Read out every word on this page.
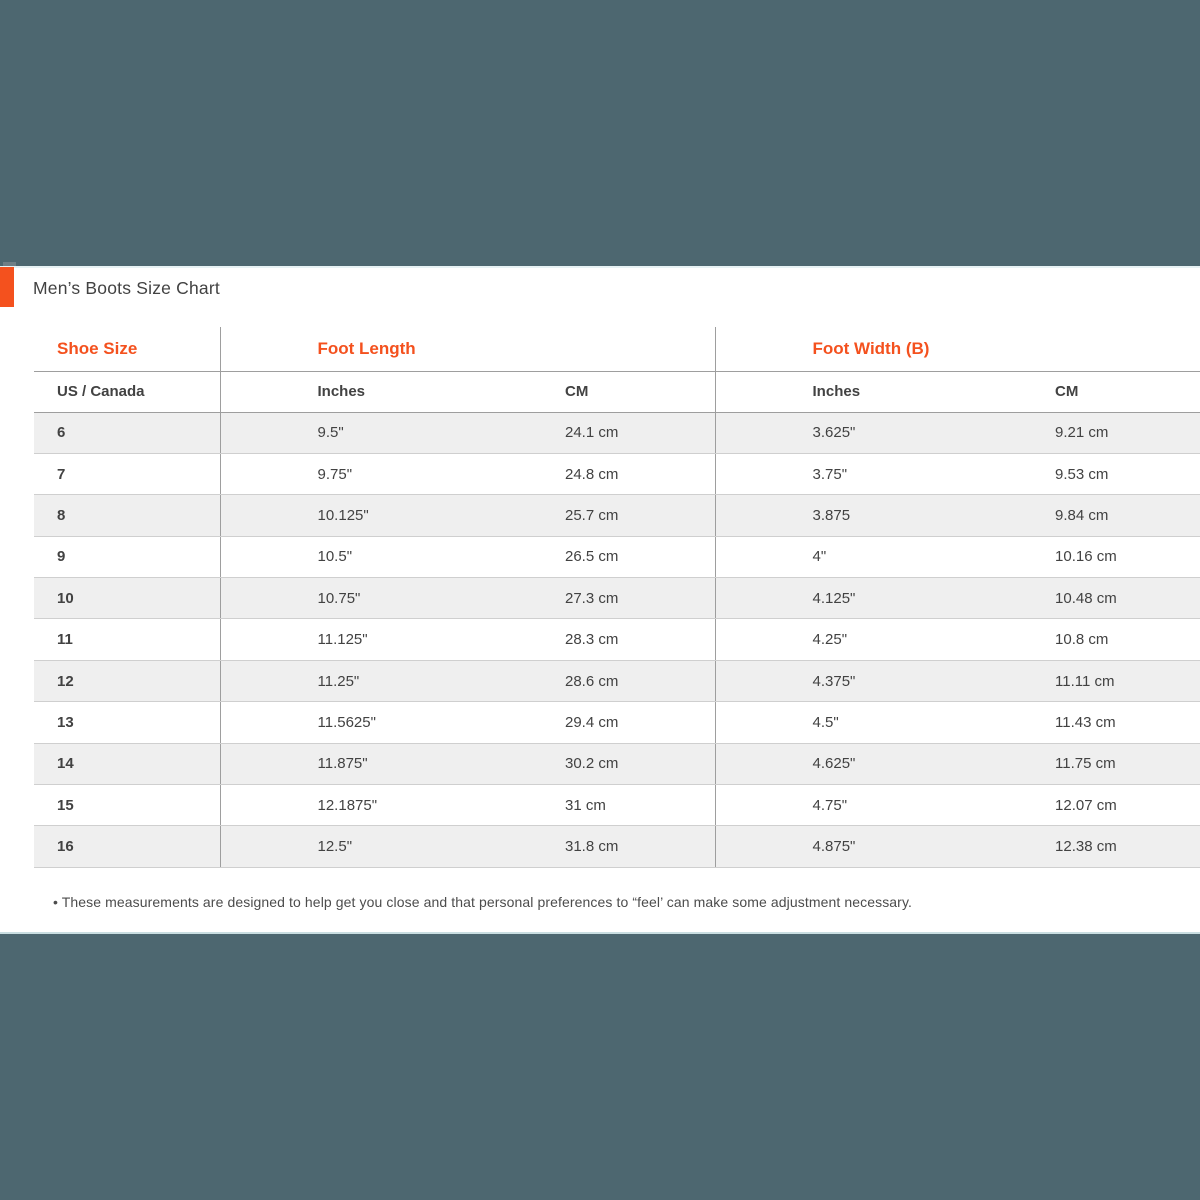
Men’s Boots Size Chart
Shoe Size	Foot Length		Foot Width (B)	
US / Canada	Inches	CM	Inches	CM
6	9.5"	24.1 cm	3.625"	9.21 cm
7	9.75"	24.8 cm	3.75"	9.53 cm
8	10.125"	25.7 cm	3.875	9.84 cm
9	10.5"	26.5 cm	4"	10.16 cm
10	10.75"	27.3 cm	4.125"	10.48 cm
11	11.125"	28.3 cm	4.25"	10.8 cm
12	11.25"	28.6 cm	4.375"	11.11 cm
13	11.5625"	29.4 cm	4.5"	11.43 cm
14	11.875"	30.2 cm	4.625"	11.75 cm
15	12.1875"	31 cm	4.75"	12.07 cm
16	12.5"	31.8 cm	4.875"	12.38 cm
• These measurements are designed to help get you close and that personal preferences to “feel’ can make some adjustment necessary.
